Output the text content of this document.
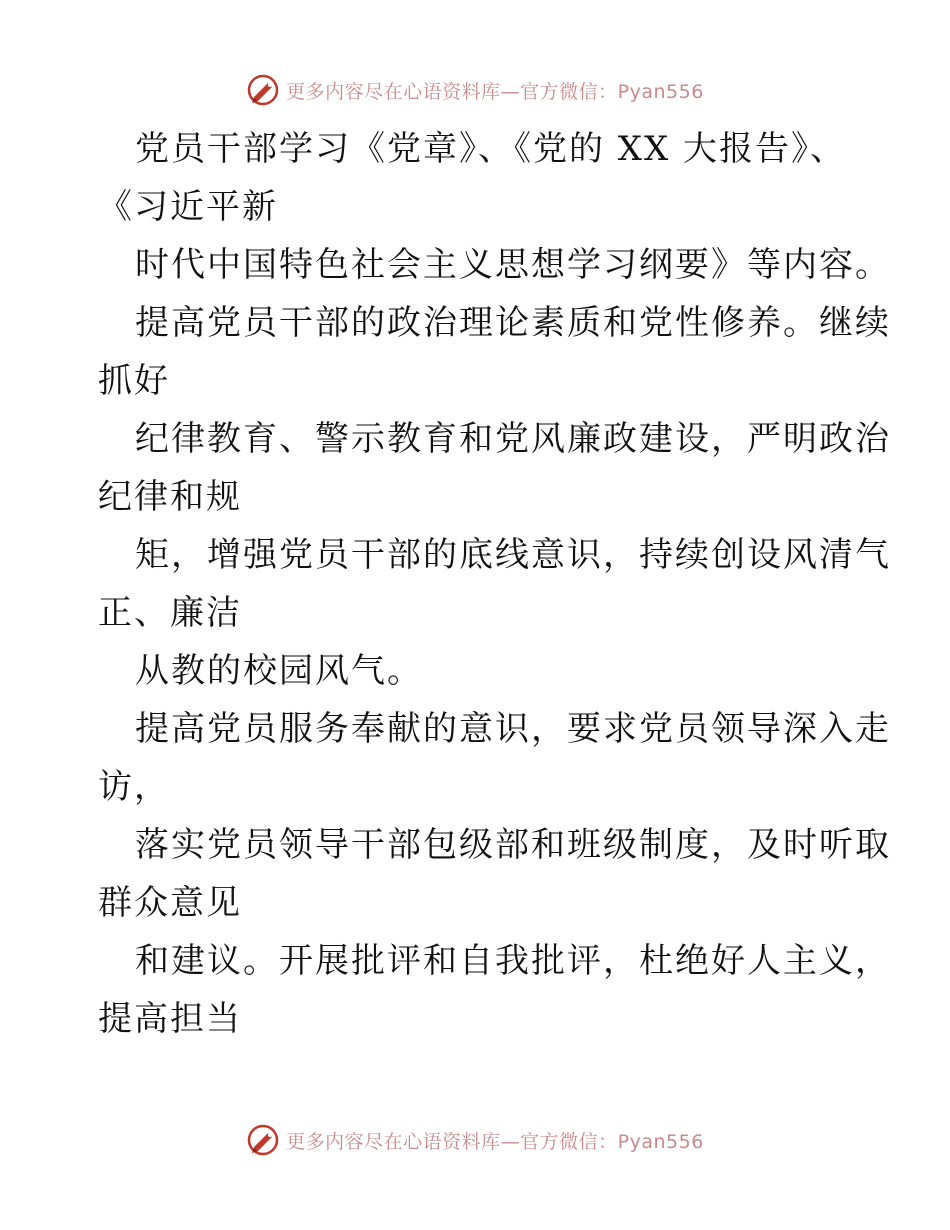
更多内容尽在心语资料库—官方微信：Pyan556
党员干部学习《党章》、《党的 XX 大报告》、
《习近平新
时代中国特色社会主义思想学习纲要》等内容。
提高党员干部的政治理论素质和党性修养。继续
抓好
纪律教育、警示教育和党风廉政建设，严明政治
纪律和规
矩，增强党员干部的底线意识，持续创设风清气
正、廉洁
从教的校园风气。
提高党员服务奉献的意识，要求党员领导深入走
访，
落实党员领导干部包级部和班级制度，及时听取
群众意见
和建议。开展批评和自我批评，杜绝好人主义，
提高担当
更多内容尽在心语资料库—官方微信：Pyan556
